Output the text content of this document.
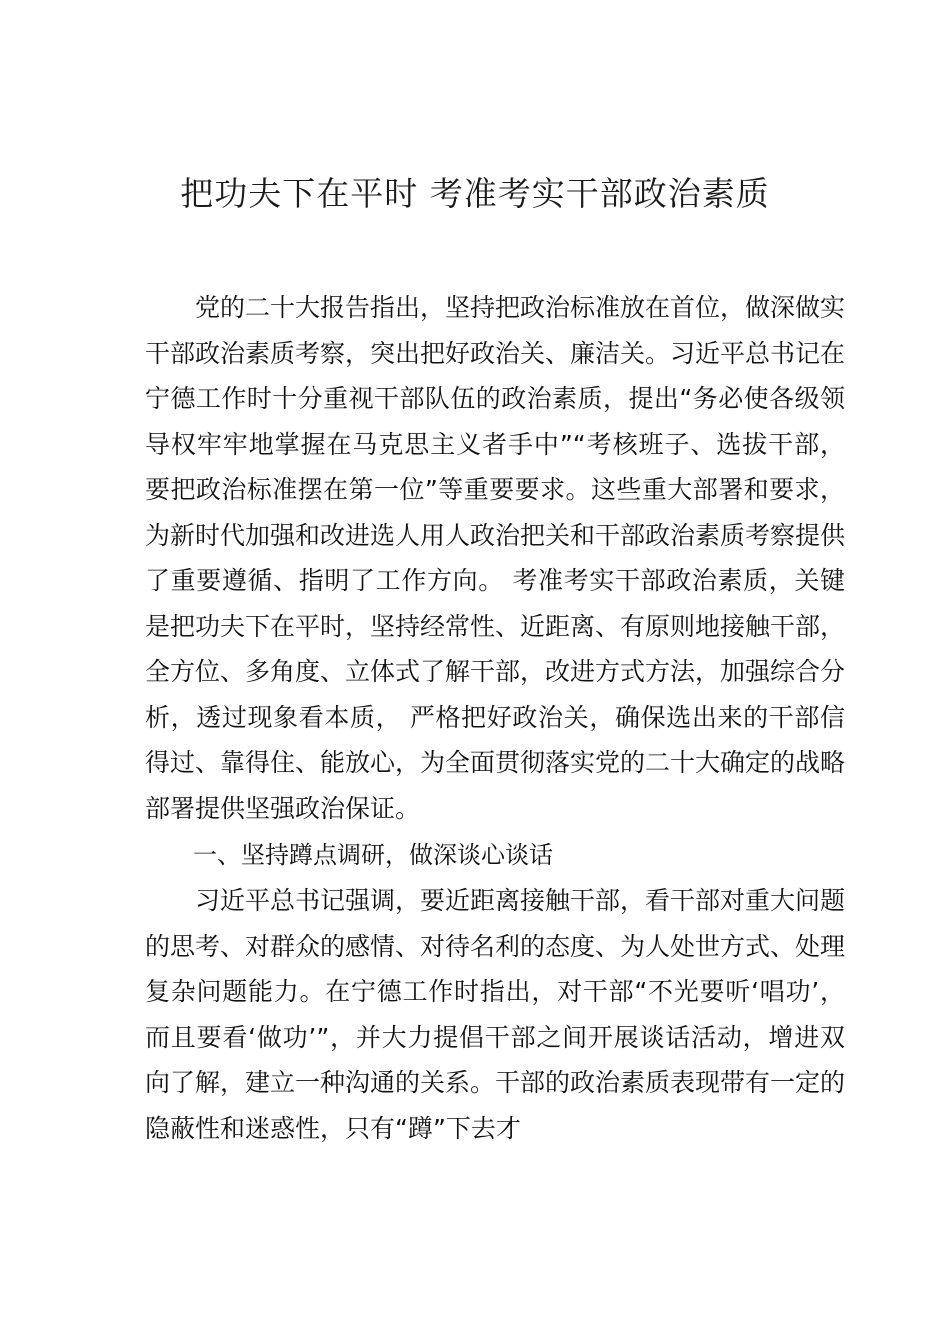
把功夫下在平时 考准考实干部政治素质

党的二十大报告指出，坚持把政治标准放在首位，做深做实干部政治素质考察，突出把好政治关、廉洁关。习近平总书记在宁德工作时十分重视干部队伍的政治素质，提出“务必使各级领导权牢牢地掌握在马克思主义者手中”“考核班子、选拔干部，要把政治标准摆在第一位”等重要要求。这些重大部署和要求，为新时代加强和改进选人用人政治把关和干部政治素质考察提供了重要遵循、指明了工作方向。 考准考实干部政治素质，关键是把功夫下在平时，坚持经常性、近距离、有原则地接触干部，全方位、多角度、立体式了解干部，改进方式方法，加强综合分析，透过现象看本质， 严格把好政治关，确保选出来的干部信得过、靠得住、能放心，为全面贯彻落实党的二十大确定的战略部署提供坚强政治保证。

一、坚持蹲点调研，做深谈心谈话

习近平总书记强调，要近距离接触干部，看干部对重大问题的思考、对群众的感情、对待名利的态度、为人处世方式、处理复杂问题能力。在宁德工作时指出，对干部“不光要听‘唱功’，而且要看‘做功’”，并大力提倡干部之间开展谈话活动，增进双向了解，建立一种沟通的关系。干部的政治素质表现带有一定的隐蔽性和迷惑性，只有“蹲”下去才
